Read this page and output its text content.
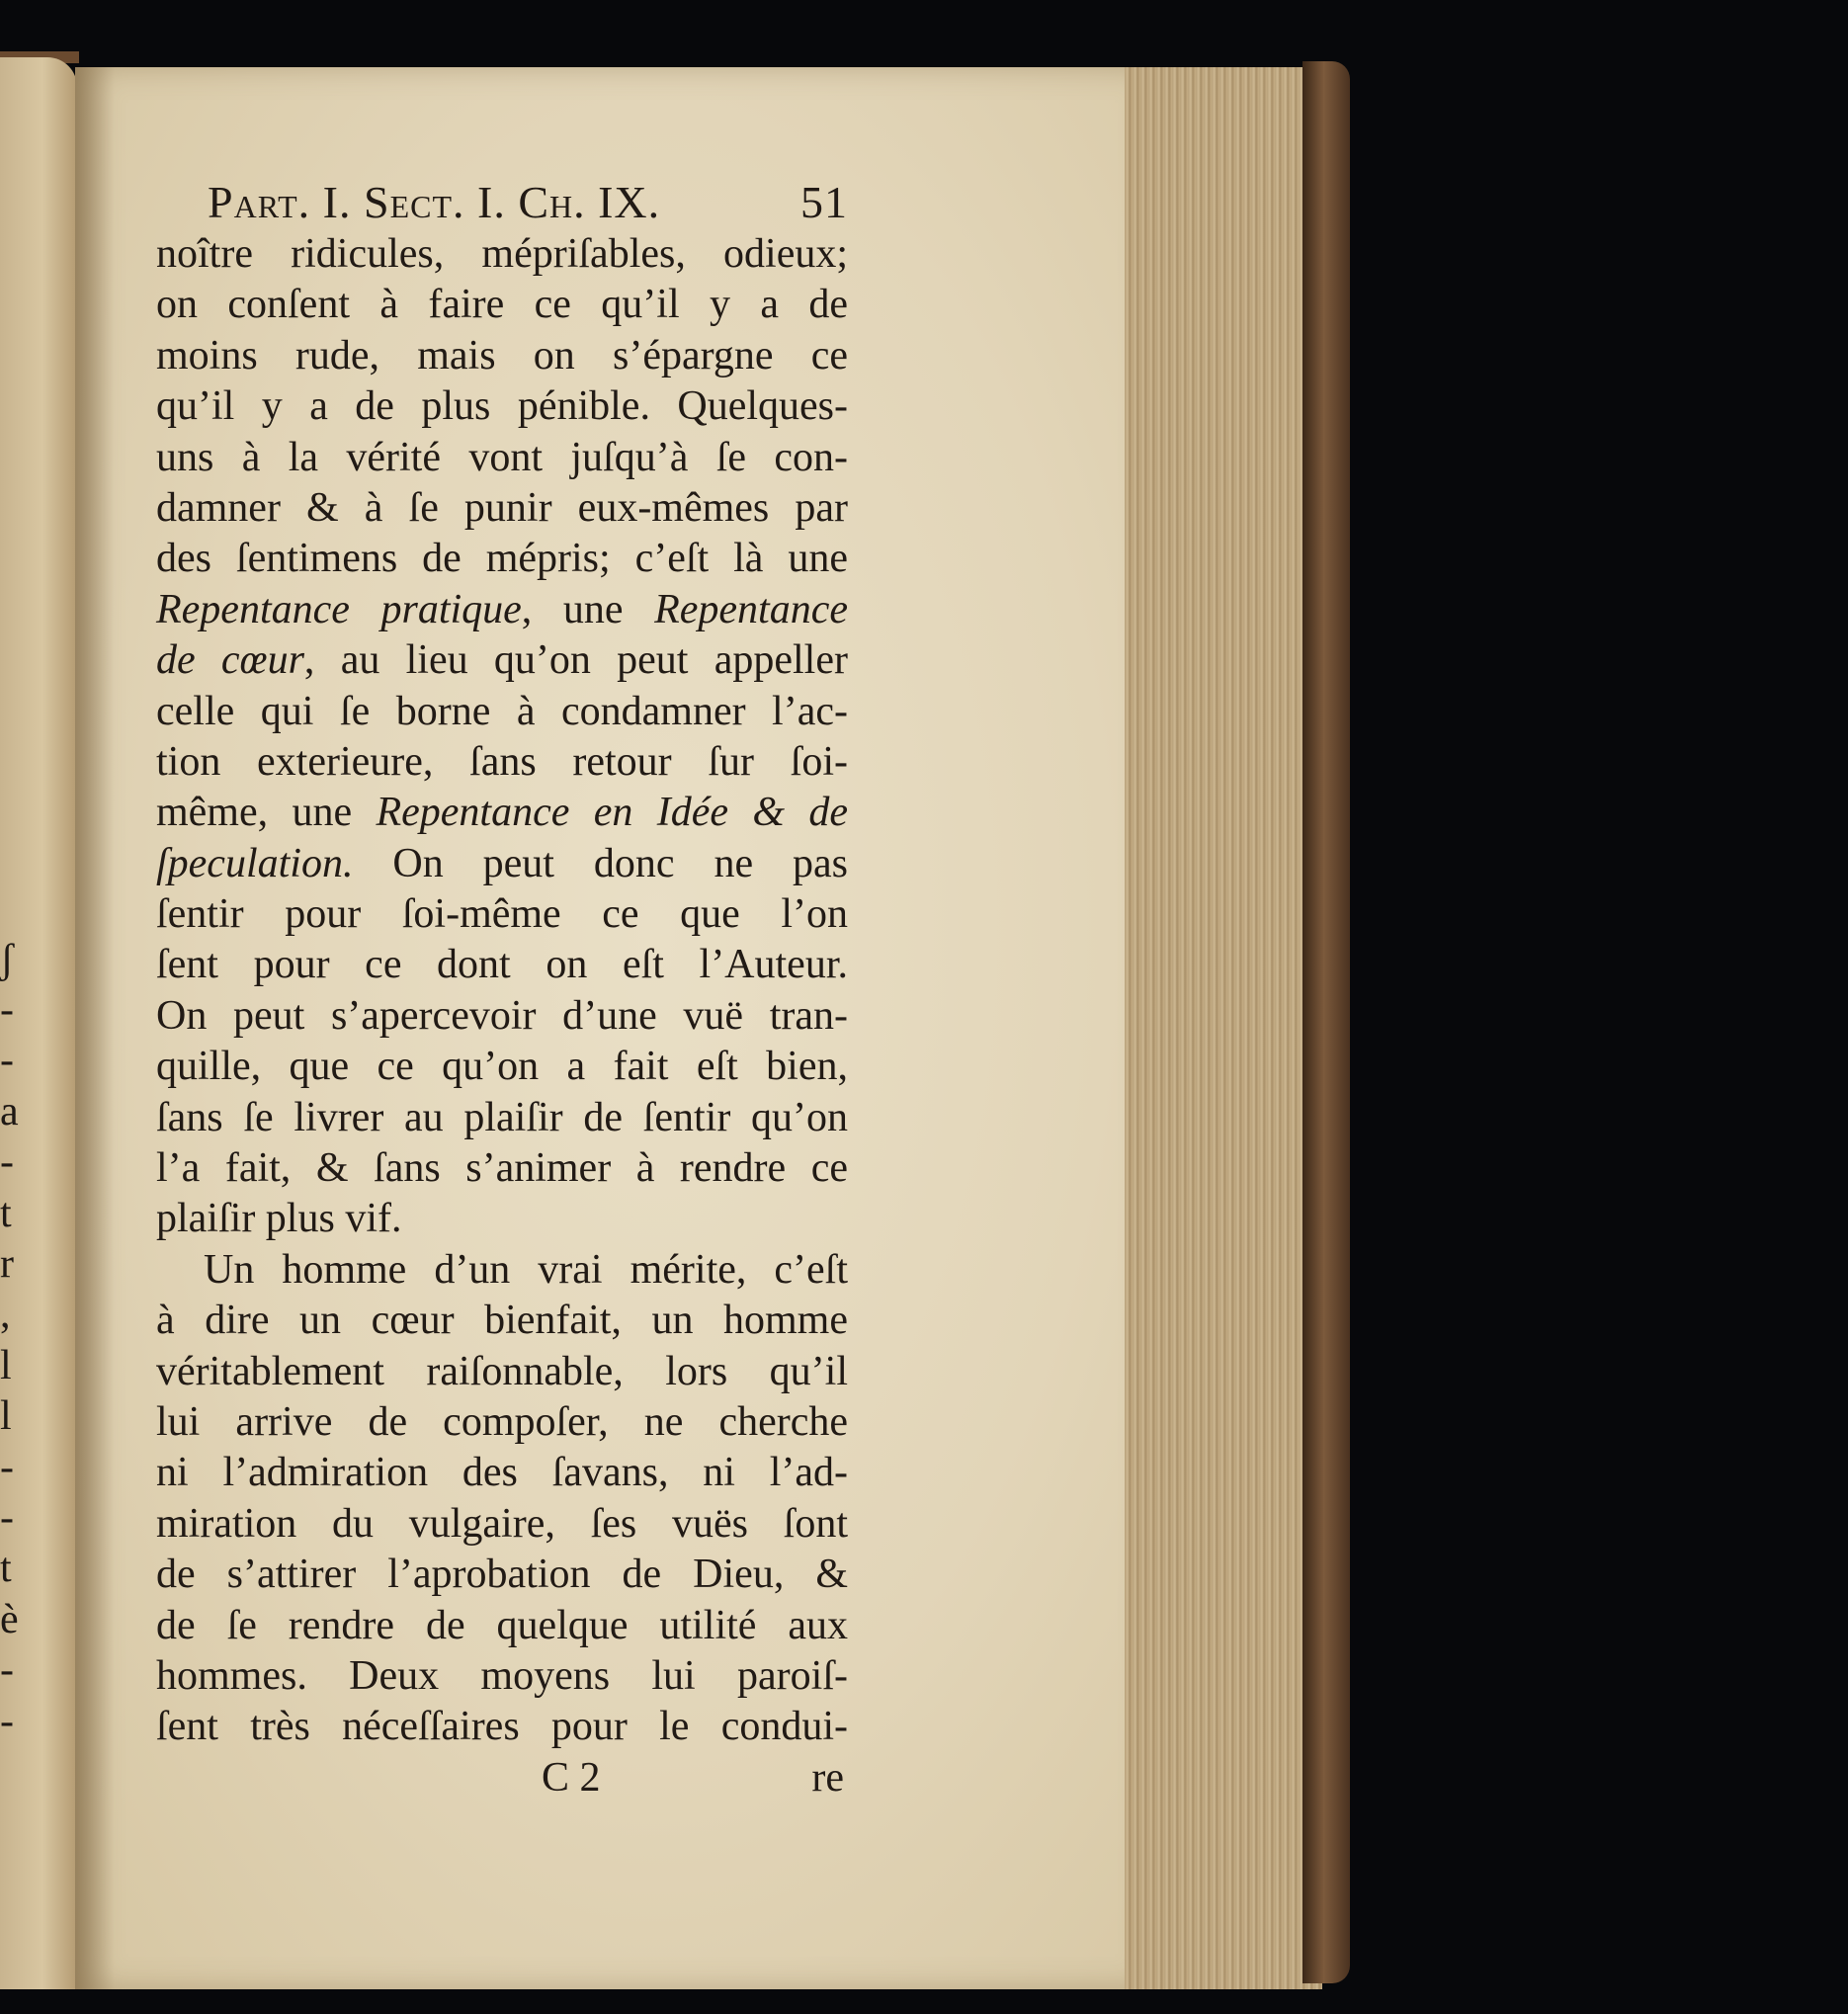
ʃ
-
-
a
-
t
r
,
l
l
-
-
t
è
-
-
Part. I. Sect. I. Ch. IX.	51
noître ridicules, mépriſables, odieux;
on conſent à faire ce qu’il y a de
moins rude, mais on s’épargne ce
qu’il y a de plus pénible. Quelques-
uns à la vérité vont juſqu’à ſe con-
damner & à ſe punir eux-mêmes par
des ſentimens de mépris; c’eſt là une
Repentance pratique, une Repentance
de cœur, au lieu qu’on peut appeller
celle qui ſe borne à condamner l’ac-
tion exterieure, ſans retour ſur ſoi-
même, une Repentance en Idée & de
ſpeculation. On peut donc ne pas
ſentir pour ſoi-même ce que l’on
ſent pour ce dont on eſt l’Auteur.
On peut s’apercevoir d’une vuë tran-
quille, que ce qu’on a fait eſt bien,
ſans ſe livrer au plaiſir de ſentir qu’on
l’a fait, & ſans s’animer à rendre ce
plaiſir plus vif.
Un homme d’un vrai mérite, c’eſt
à dire un cœur bienfait, un homme
véritablement raiſonnable, lors qu’il
lui arrive de compoſer, ne cherche
ni l’admiration des ſavans, ni l’ad-
miration du vulgaire, ſes vuës ſont
de s’attirer l’aprobation de Dieu, &
de ſe rendre de quelque utilité aux
hommes. Deux moyens lui paroiſ-
ſent très néceſſaires pour le condui-
C 2	re
